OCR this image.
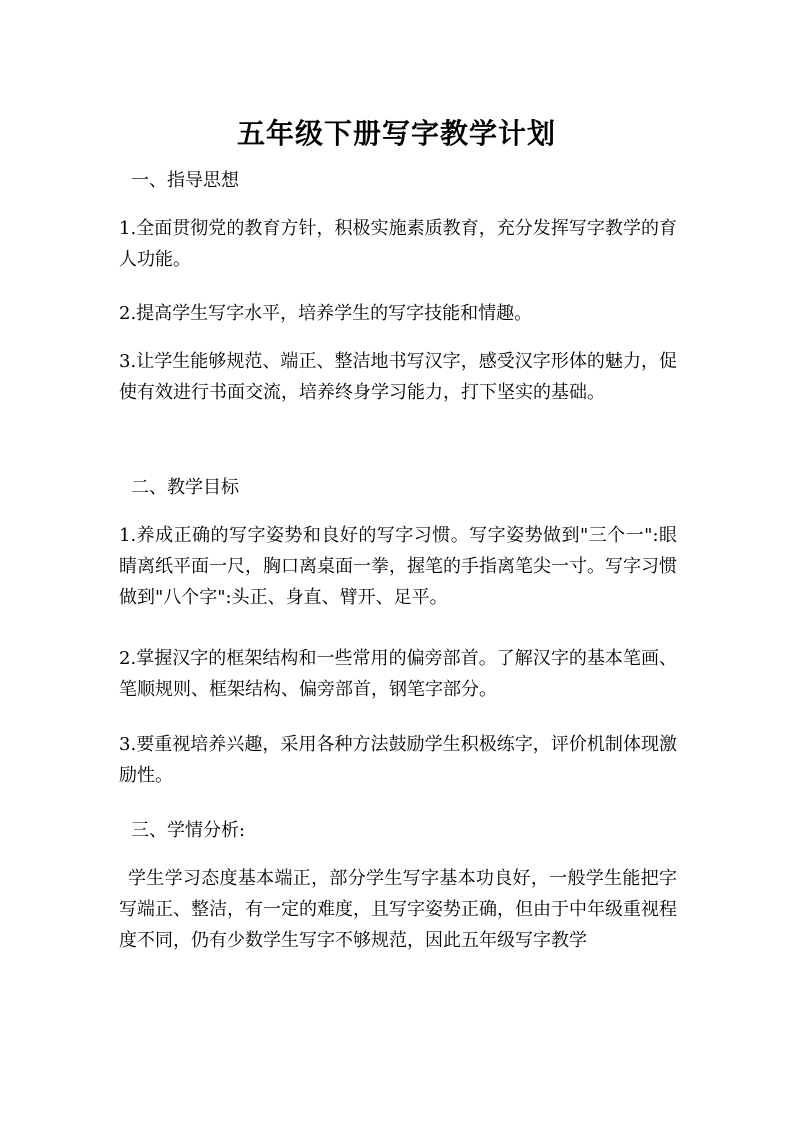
五年级下册写字教学计划

一、指导思想

1.全面贯彻党的教育方针，积极实施素质教育，充分发挥写字教学的育人功能。

2.提高学生写字水平，培养学生的写字技能和情趣。

3.让学生能够规范、端正、整洁地书写汉字，感受汉字形体的魅力，促使有效进行书面交流，培养终身学习能力，打下坚实的基础。

二、教学目标

1.养成正确的写字姿势和良好的写字习惯。写字姿势做到"三个一":眼睛离纸平面一尺，胸口离桌面一拳，握笔的手指离笔尖一寸。写字习惯做到"八个字":头正、身直、臂开、足平。

2.掌握汉字的框架结构和一些常用的偏旁部首。了解汉字的基本笔画、笔顺规则、框架结构、偏旁部首，钢笔字部分。

3.要重视培养兴趣，采用各种方法鼓励学生积极练字，评价机制体现激励性。

三、学情分析:

学生学习态度基本端正，部分学生写字基本功良好，一般学生能把字写端正、整洁，有一定的难度，且写字姿势正确，但由于中年级重视程度不同，仍有少数学生写字不够规范，因此五年级写字教学
